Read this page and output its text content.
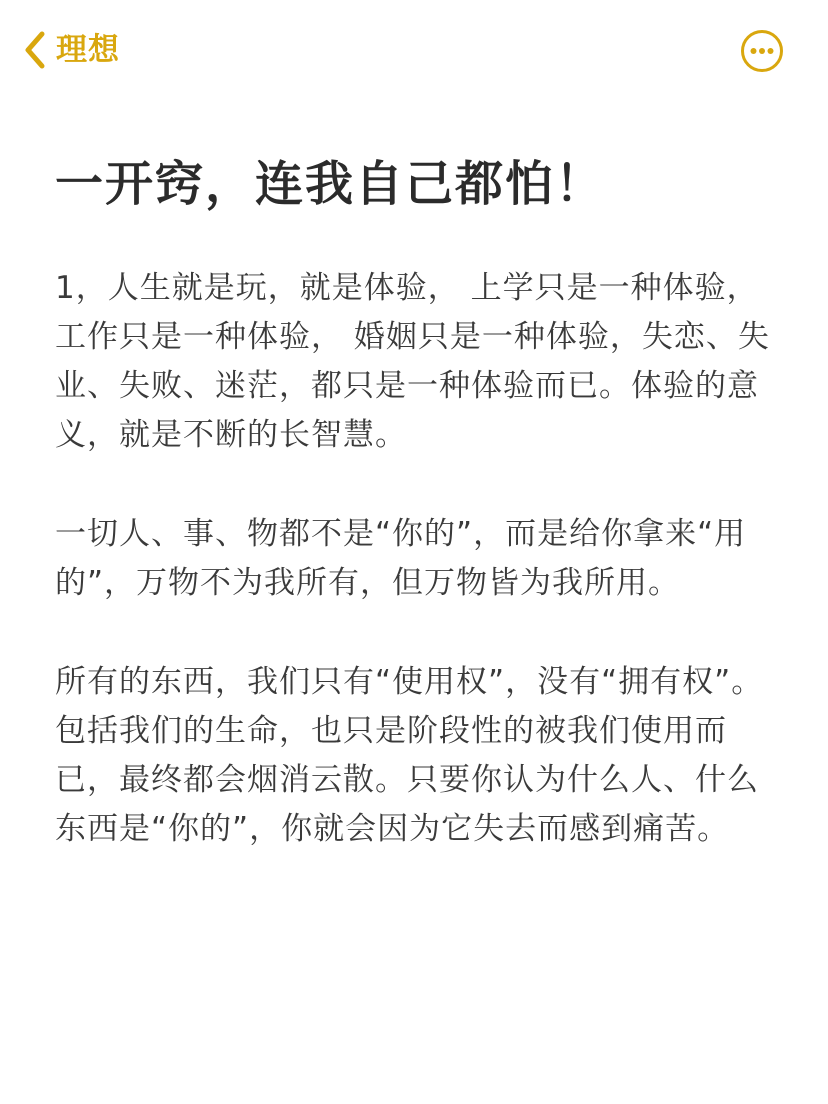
理想
一开窍，连我自己都怕！

1，人生就是玩，就是体验， 上学只是一种体验， 工作只是一种体验， 婚姻只是一种体验，失恋、失业、失败、迷茫，都只是一种体验而已。体验的意义，就是不断的长智慧。

一切人、事、物都不是“你的”，而是给你拿来“用的”，万物不为我所有，但万物皆为我所用。

所有的东西，我们只有“使用权”，没有“拥有权”。包括我们的生命，也只是阶段性的被我们使用而已，最终都会烟消云散。只要你认为什么人、什么东西是“你的”，你就会因为它失去而感到痛苦。
